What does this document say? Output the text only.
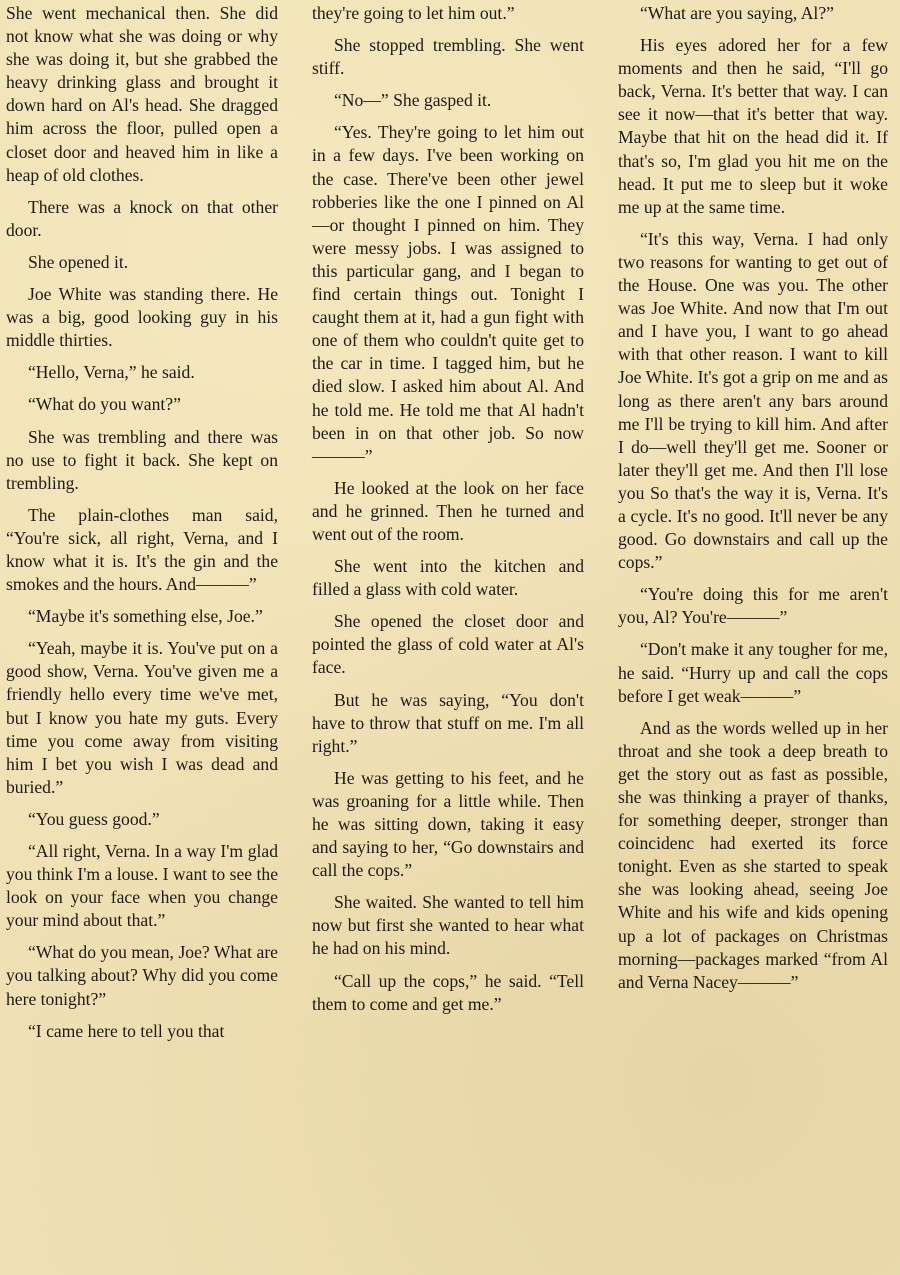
She went mechanical then. She did not know what she was doing or why she was doing it, but she grabbed the heavy drinking glass and brought it down hard on Al's head. She dragged him across the floor, pulled open a closet door and heaved him in like a heap of old clothes.

There was a knock on that other door.

She opened it.

Joe White was standing there. He was a big, good looking guy in his middle thirties.

“Hello, Verna,” he said.

“What do you want?”

She was trembling and there was no use to fight it back. She kept on trembling.

The plain-clothes man said, “You're sick, all right, Verna, and I know what it is. It's the gin and the smokes and the hours. And———”

“Maybe it's something else, Joe.”

“Yeah, maybe it is. You've put on a good show, Verna. You've given me a friendly hello every time we've met, but I know you hate my guts. Every time you come away from visiting him I bet you wish I was dead and buried.”

“You guess good.”

“All right, Verna. In a way I'm glad you think I'm a louse. I want to see the look on your face when you change your mind about that.”

“What do you mean, Joe? What are you talking about? Why did you come here tonight?”

“I came here to tell you that

they're going to let him out.”

She stopped trembling. She went stiff.

“No—” She gasped it.

“Yes. They're going to let him out in a few days. I've been working on the case. There've been other jewel robberies like the one I pinned on Al—or thought I pinned on him. They were messy jobs. I was assigned to this particular gang, and I began to find certain things out. Tonight I caught them at it, had a gun fight with one of them who couldn't quite get to the car in time. I tagged him, but he died slow. I asked him about Al. And he told me. He told me that Al hadn't been in on that other job. So now———”

He looked at the look on her face and he grinned. Then he turned and went out of the room.

She went into the kitchen and filled a glass with cold water.

She opened the closet door and pointed the glass of cold water at Al's face.

But he was saying, “You don't have to throw that stuff on me. I'm all right.”

He was getting to his feet, and he was groaning for a little while. Then he was sitting down, taking it easy and saying to her, “Go downstairs and call the cops.”

She waited. She wanted to tell him now but first she wanted to hear what he had on his mind.

“Call up the cops,” he said. “Tell them to come and get me.”

“What are you saying, Al?”

His eyes adored her for a few moments and then he said, “I'll go back, Verna. It's better that way. I can see it now—that it's better that way. Maybe that hit on the head did it. If that's so, I'm glad you hit me on the head. It put me to sleep but it woke me up at the same time.

“It's this way, Verna. I had only two reasons for wanting to get out of the House. One was you. The other was Joe White. And now that I'm out and I have you, I want to go ahead with that other reason. I want to kill Joe White. It's got a grip on me and as long as there aren't any bars around me I'll be trying to kill him. And after I do—well they'll get me. Sooner or later they'll get me. And then I'll lose you So that's the way it is, Verna. It's a cycle. It's no good. It'll never be any good. Go downstairs and call up the cops.”

“You're doing this for me aren't you, Al? You're———”

“Don't make it any tougher for me, he said. “Hurry up and call the cops before I get weak———”

And as the words welled up in her throat and she took a deep breath to get the story out as fast as possible, she was thinking a prayer of thanks, for something deeper, stronger than coincidenc had exerted its force tonight. Even as she started to speak she was looking ahead, seeing Joe White and his wife and kids opening up a lot of packages on Christmas morning—packages marked “from Al and Verna Nacey———”
